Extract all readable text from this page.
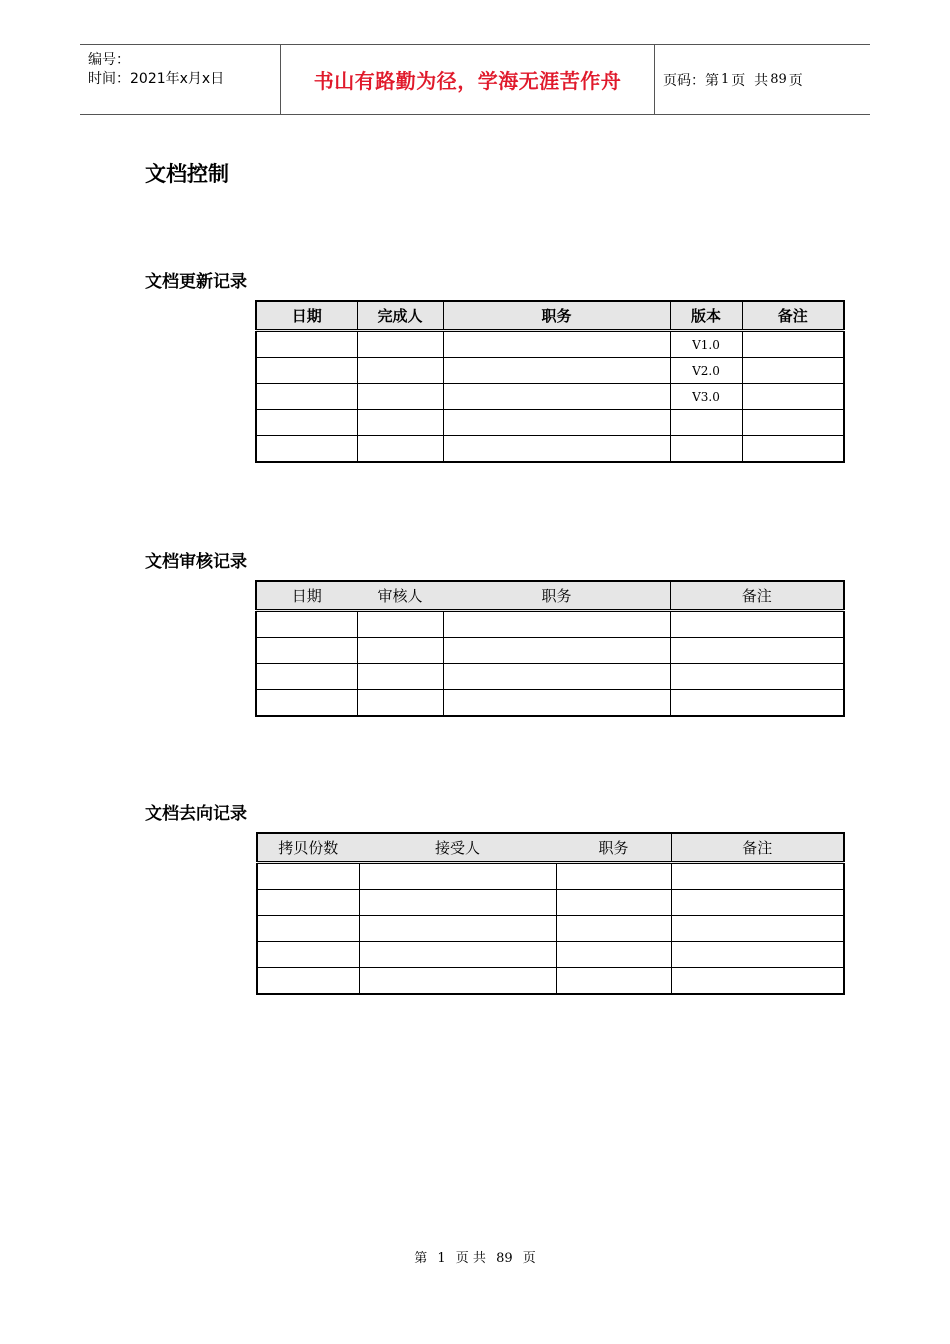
编号：
时间：2021年x月x日	书山有路勤为径，学海无涯苦作舟	页码：第 1 页  共 89 页
文档控制
文档更新记录
日期	完成人	职务	版本	备注
			V1.0	
			V2.0	
			V3.0	

文档审核记录
日期	审核人	职务	备注

文档去向记录
拷贝份数	接受人	职务	备注

第 1 页 共 89 页
